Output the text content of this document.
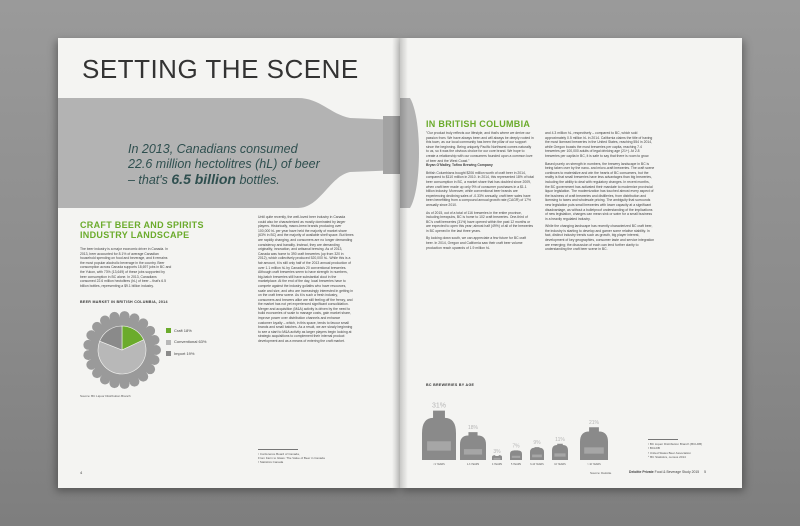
SETTING THE SCENE
In 2013, Canadians consumed
22.6 million hectolitres (hL) of beer
– that's 6.5 billion bottles.
CRAFT BEER AND SPIRITS
INDUSTRY LANDSCAPE
The beer industry is a major economic driver in Canada. In 2013, beer accounted for 8.1% of average Canadian household spending on food and beverage, and it remains the most popular alcoholic beverage in the country. Beer consumption across Canada supports 18,697 jobs in BC and the Yukon, with 73% (13,649) of these jobs supported by beer consumption in BC alone. In 2013, Canadians consumed 22.6 million hectolitres (hL) of beer – that's 6.5 billion bottles, representing a $9.1 billion industry.
BEER MARKET IN BRITISH COLUMBIA, 2014
Craft 18%
Conventional 63%
Import 19%
Source: BC Liquor Distribution Branch
Until quite recently, the well-loved beer industry in Canada could also be characterized as mostly dominated by larger players. Historically, macro-brew brands producing over 100,000 hL per year have held the majority of market share (63% in BC) and the majority of available shelf space. But times are rapidly changing, and consumers are no longer demanding consistency and banality. Instead, they are demanding originality, innovation, and artisanal brewing. As of 2013, Canada was home to 390 craft breweries (up from 320 in 2012), which collectively produced 520,000 hL. While this is a fair amount, it is still only half of the 2013 annual production of over 1.1 million hL by Canada's 20 conventional breweries. Although craft breweries seem to have strength in numbers, big-batch breweries still have substantial clout in the marketplace. At the end of the day, local breweries have to compete against the industry goliaths who have resources, scale and size, and who are increasingly interested in getting in on the craft brew scene. As it is such a fresh industry, consumers and brewers alike are still feeling off the frenzy, and the market has not yet experienced significant consolidation. Merger and acquisition (M&A) activity is driven by the need to build economies of scale to manage costs, gain market share, improve power over distribution channels and enhance customer loyalty – which, in this space, tends to favour small brands and small batches. As a result, we are slowly beginning to see a start to M&A activity as larger players begin looking at strategic acquisitions to complement their internal product development and as a means of entering the craft market.
¹ Conference Board of Canada,
From Farm to Glass: The Value of Beer in Canada
² Statistics Canada
4
IN BRITISH COLUMBIA
"Our product truly reflects our lifestyle, and that's where we derive our passion from. We have always been and will always be deeply rooted in this town, as our local community has been the pillar of our support since the beginning. Being uniquely Pacific Northwest comes naturally to us, so it was the obvious choice for our core brand. We hope to create a relationship with our consumers founded upon a common love of beer and the West Coast."
Bryan O'Malley, Tofino Brewing Company
British Columbians bought $206 million worth of craft beer in 2014, compared to $110 million in 2010. In 2014, this represented 18% of total beer consumption in BC, a market share that has doubled since 2009, when craft beer made up only 9% of consumer purchases in a $1.1 billion industry. Moreover, while conventional beer brands are experiencing declining sales of -0.33% annually, craft beer sales have been benefitting from a compound annual growth rate (CAGR) of 17% annually since 2010.
As of 2015, out of a total of 116 breweries in the entire province, including brewpubs, BC is home to 102 craft breweries. One-third of BC's craft breweries (31%) have opened within the past 12 months or are expected to open this year; almost half (49%) of all of the breweries in BC opened in the last three years.
By looking down south, we can appreciate a few future for BC craft beer. In 2014, Oregon and California saw their craft beer volume production reach upwards of 1.9 million hL
and 4.3 million hL, respectively – compared to BC, which sold approximately 0.5 million hL in 2014. California claims the title of having the most licensed breweries in the United States, reaching 554 in 2014, while Oregon boasts the most breweries per capita, reaching 7.4 breweries per 100,000 adults of legal drinking age (21+). At 2.8 breweries per capita in BC, it is safe to say that there is room to grow.
Based purely on strength in numbers, the brewery landscape in BC is being taken over by the nano- and micro-craft breweries. The craft scene continues to materialize and win the hearts of BC consumers, but the reality is that small breweries have less advantages than big breweries, including the ability to deal with regulatory changes. In recent months, the BC government has activated their mandate to modernize provincial liquor legislation. The modernization has touched almost every aspect of the business of craft breweries and distilleries, from distribution and licensing to taxes and wholesale pricing. The ambiguity that surrounds new legislation puts small breweries with lower capacity at a significant disadvantage, as without a bulletproof understanding of the implications of new legislation, changes can mean sink or swim for a small business in a heavily regulated industry.
While the changing landscape has recently characterized BC craft beer, the industry is starting to develop and garner some relative stability. In fact, distinct industry trends such as growth, big player interest, development of key geographies, consumer taste and service integration are emerging; the discussion of each can lend further clarity to understanding the craft beer scene in BC.
BC BREWERIES BY AGE
31%
<1 YEARS
18%
1-3 YEARS
3%
4 YEARS
7%
5 YEARS
9%
6-10 YEARS
11%
10 YEARS
21%
> 10 YEARS
Source: Deloitte
¹ BC Liquor Distribution Branch (BCLDB)
² BCLDB
³ United States Beer Association
⁴ BC Statistics, census 2014
Deloitte Private Food & Beverage Study 2015 5
